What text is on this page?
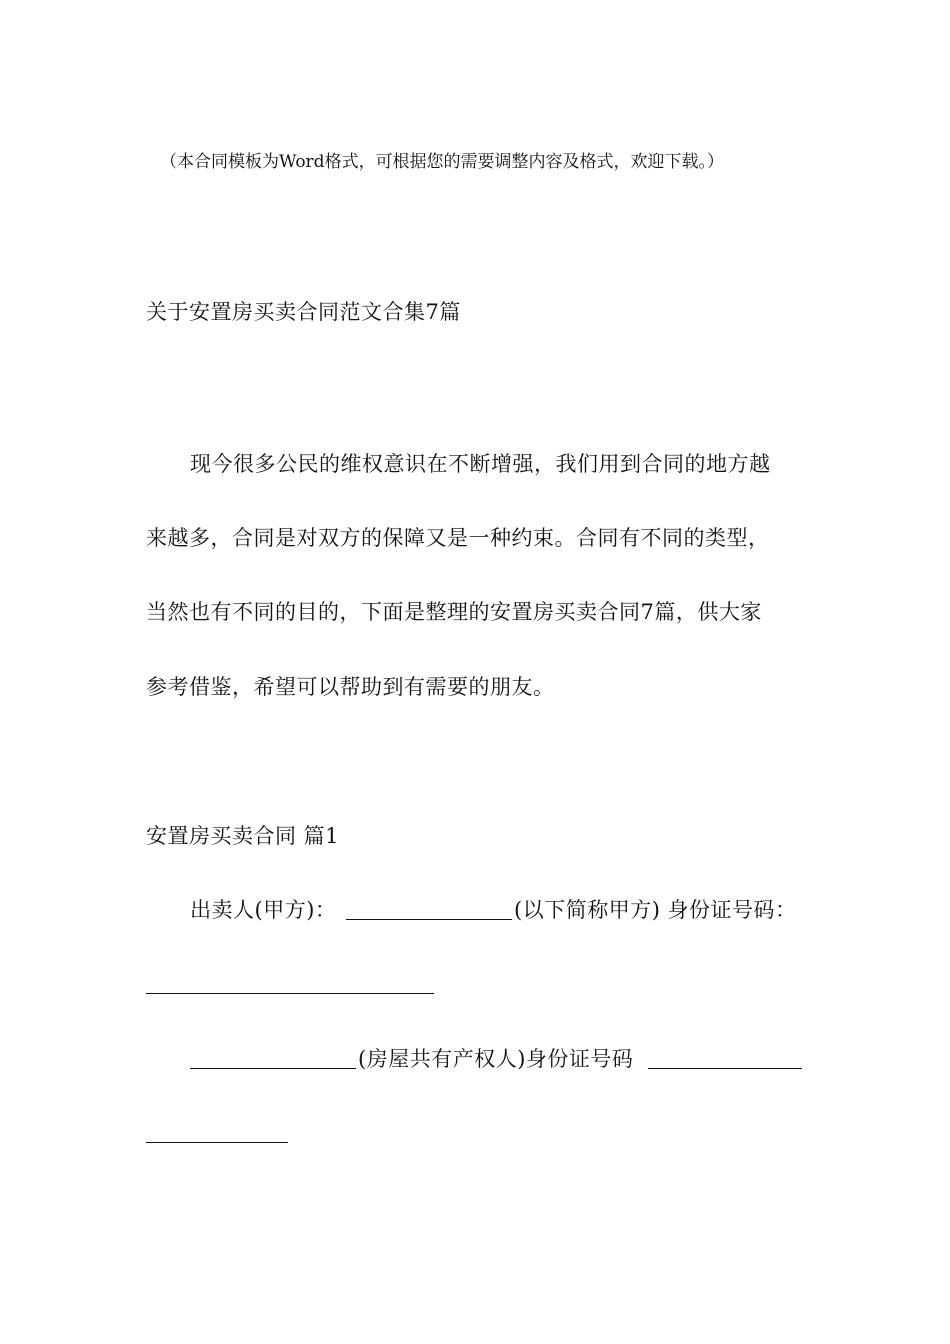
（本合同模板为Word格式，可根据您的需要调整内容及格式，欢迎下载。）
关于安置房买卖合同范文合集7篇
现今很多公民的维权意识在不断增强，我们用到合同的地方越
来越多，合同是对双方的保障又是一种约束。合同有不同的类型，
当然也有不同的目的，下面是整理的安置房买卖合同7篇，供大家
参考借鉴，希望可以帮助到有需要的朋友。
安置房买卖合同 篇1
出卖人(甲方)：	(以下简称甲方) 身份证号码：
(房屋共有产权人)身份证号码
